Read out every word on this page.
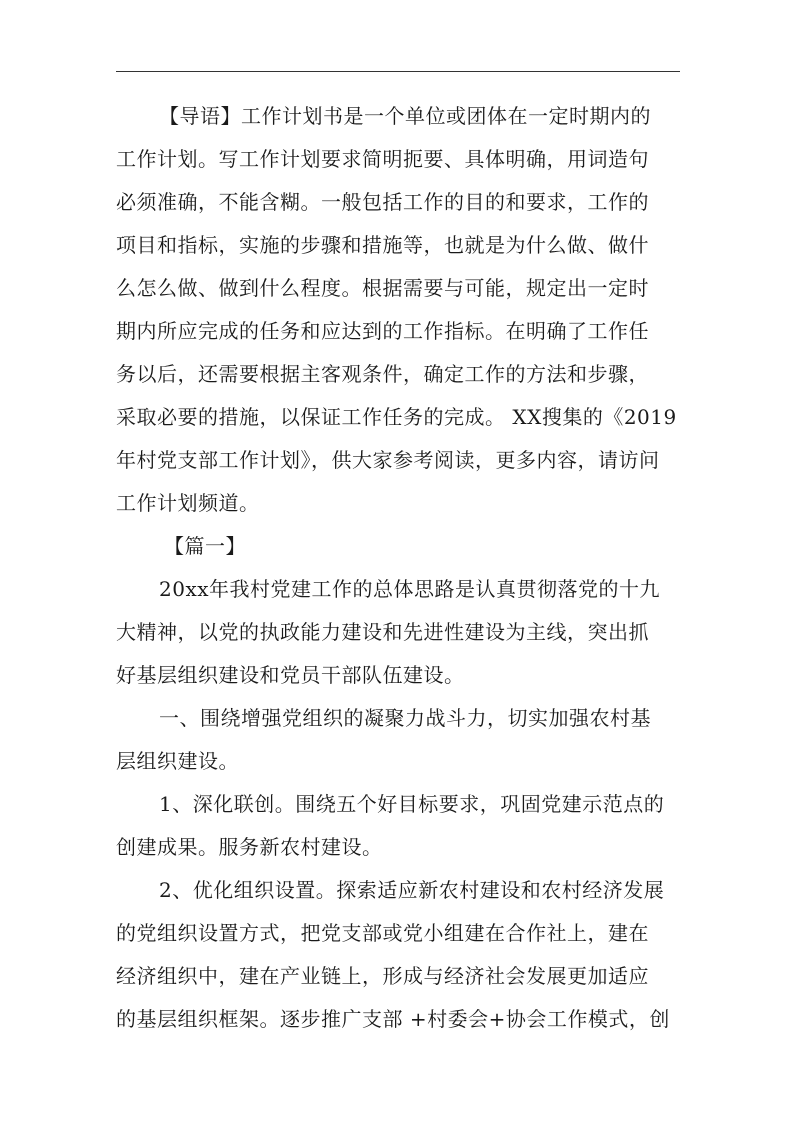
【导语】工作计划书是一个单位或团体在一定时期内的
工作计划。写工作计划要求简明扼要、具体明确，用词造句
必须准确，不能含糊。一般包括工作的目的和要求，工作的
项目和指标，实施的步骤和措施等，也就是为什么做、做什
么怎么做、做到什么程度。根据需要与可能，规定出一定时
期内所应完成的任务和应达到的工作指标。在明确了工作任
务以后，还需要根据主客观条件，确定工作的方法和步骤，
采取必要的措施，以保证工作任务的完成。 XX搜集的《2019
年村党支部工作计划》，供大家参考阅读，更多内容，请访问
工作计划频道。
【篇一】
20xx年我村党建工作的总体思路是认真贯彻落党的十九
大精神，以党的执政能力建设和先进性建设为主线，突出抓
好基层组织建设和党员干部队伍建设。
一、围绕增强党组织的凝聚力战斗力，切实加强农村基
层组织建设。
1、深化联创。围绕五个好目标要求，巩固党建示范点的
创建成果。服务新农村建设。
2、优化组织设置。探索适应新农村建设和农村经济发展
的党组织设置方式，把党支部或党小组建在合作社上，建在
经济组织中，建在产业链上，形成与经济社会发展更加适应
的基层组织框架。逐步推广支部 +村委会+协会工作模式，创
